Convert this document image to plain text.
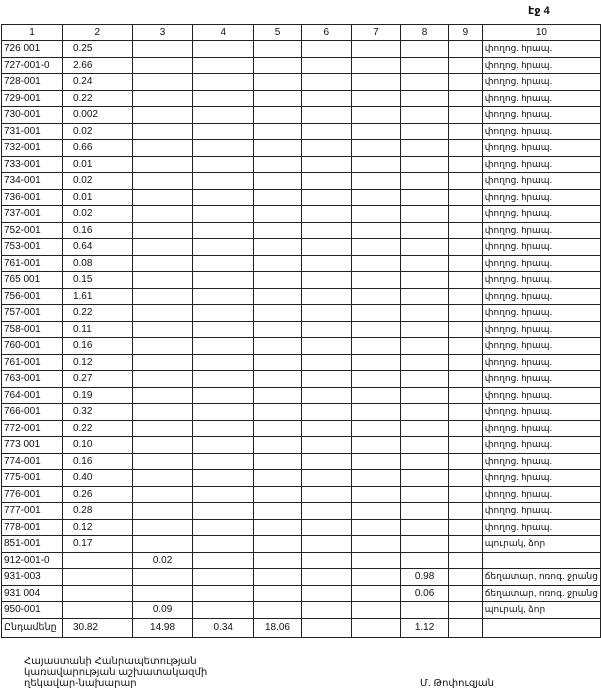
էջ 4
1	2	3	4	5	6	7	8	9	10
726 001	0.25								փողոց. hրապ.
727-001-0	2.66								փողոց. hրապ.
728-001	0.24								փողոց. hրապ.
729-001	0.22								փողոց. hրապ.
730-001	0.002								փողոց. hրապ.
731-001	0.02								փողոց. hրապ.
732-001	0.66								փողոց. hրապ.
733-001	0.01								փողոց. hրապ.
734-001	0.02								փողոց. hրապ.
736-001	0.01								փողոց. hրապ.
737-001	0.02								փողոց. hրապ.
752-001	0.16								փողոց. hրապ.
753-001	0.64								փողոց. hրապ.
761-001	0.08								փողոց. hրապ.
765 001	0.15								փողոց. hրապ.
756-001	1.61								փողոց. hրապ.
757-001	0.22								փողոց. hրապ.
758-001	0.11								փողոց. hրապ.
760-001	0.16								փողոց. hրապ.
761-001	0.12								փողոց. hրապ.
763-001	0.27								փողոց. hրապ.
764-001	0.19								փողոց. hրապ.
766-001	0.32								փողոց. hրապ.
772-001	0.22								փողոց. hրապ.
773 001	0.10								փողոց. hրապ.
774-001	0.16								փողոց. hրապ.
775-001	0.40								փողոց. hրապ.
776-001	0.26								փողոց. hրապ.
777-001	0.28								փողոց. hրապ.
778-001	0.12								փողոց. hրապ.
851-001	0.17								պուրակ, ձոր
912-001-0		0.02							
931-003							0.98		ճեղատար, ոռոգ. ջրանց
931 004							0.06		ճեղատար, ոռոգ. ջրանց
950-001		0.09							պուրակ, ձոր
Ընդամենը	30.82	14.98	0.34	18.06			1.12		
Հայաստանի Հանրապետության
կառավարության աշխատակազմի
ղեկավար-նախարար	Մ. Թոփուզյան
